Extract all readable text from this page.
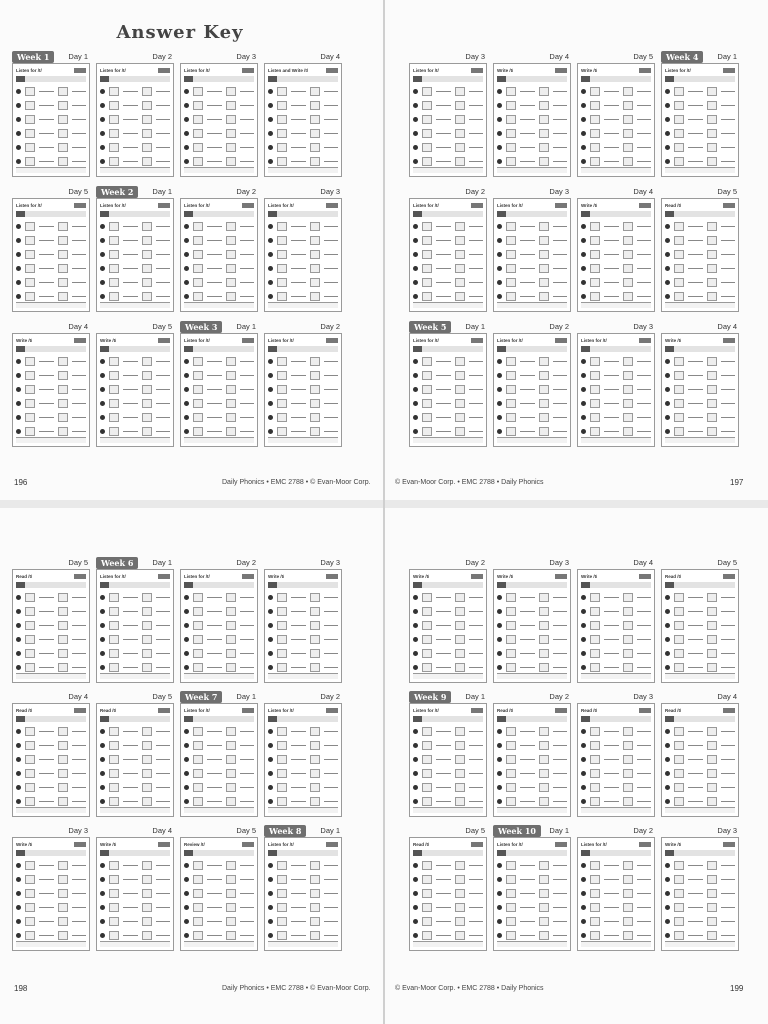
Answer Key
Week 1	Day 1
Listen for /t/
Day 2
Listen for /t/
Day 3
Listen for /t/
Day 4
Listen and Write /t/
Day 5
Listen for /t/
Week 2	Day 1
Listen for /t/
Day 2
Listen for /t/
Day 3
Listen for /t/
Day 4
Write /t/
Day 5
Write /t/
Week 3	Day 1
Listen for /t/
Day 2
Listen for /t/
196	Daily Phonics • EMC 2788 • © Evan-Moor Corp.
Day 3
Listen for /t/
Day 4
Write /t/
Day 5
Write /t/
Week 4	Day 1
Listen for /t/
Day 2
Listen for /t/
Day 3
Listen for /t/
Day 4
Write /t/
Day 5
Read /t/
Week 5	Day 1
Listen for /t/
Day 2
Listen for /t/
Day 3
Listen for /t/
Day 4
Write /t/
© Evan-Moor Corp. • EMC 2788 • Daily Phonics	197
Day 5
Read /t/
Week 6	Day 1
Listen for /t/
Day 2
Listen for /t/
Day 3
Write /t/
Day 4
Read /t/
Day 5
Read /t/
Week 7	Day 1
Listen for /t/
Day 2
Listen for /t/
Day 3
Write /t/
Day 4
Write /t/
Day 5
Review /t/
Week 8	Day 1
Listen for /t/
198	Daily Phonics • EMC 2788 • © Evan-Moor Corp.
Day 2
Write /t/
Day 3
Write /t/
Day 4
Write /t/
Day 5
Read /t/
Week 9	Day 1
Listen for /t/
Day 2
Read /t/
Day 3
Read /t/
Day 4
Read /t/
Day 5
Read /t/
Week 10	Day 1
Listen for /t/
Day 2
Listen for /t/
Day 3
Write /t/
© Evan-Moor Corp. • EMC 2788 • Daily Phonics	199
